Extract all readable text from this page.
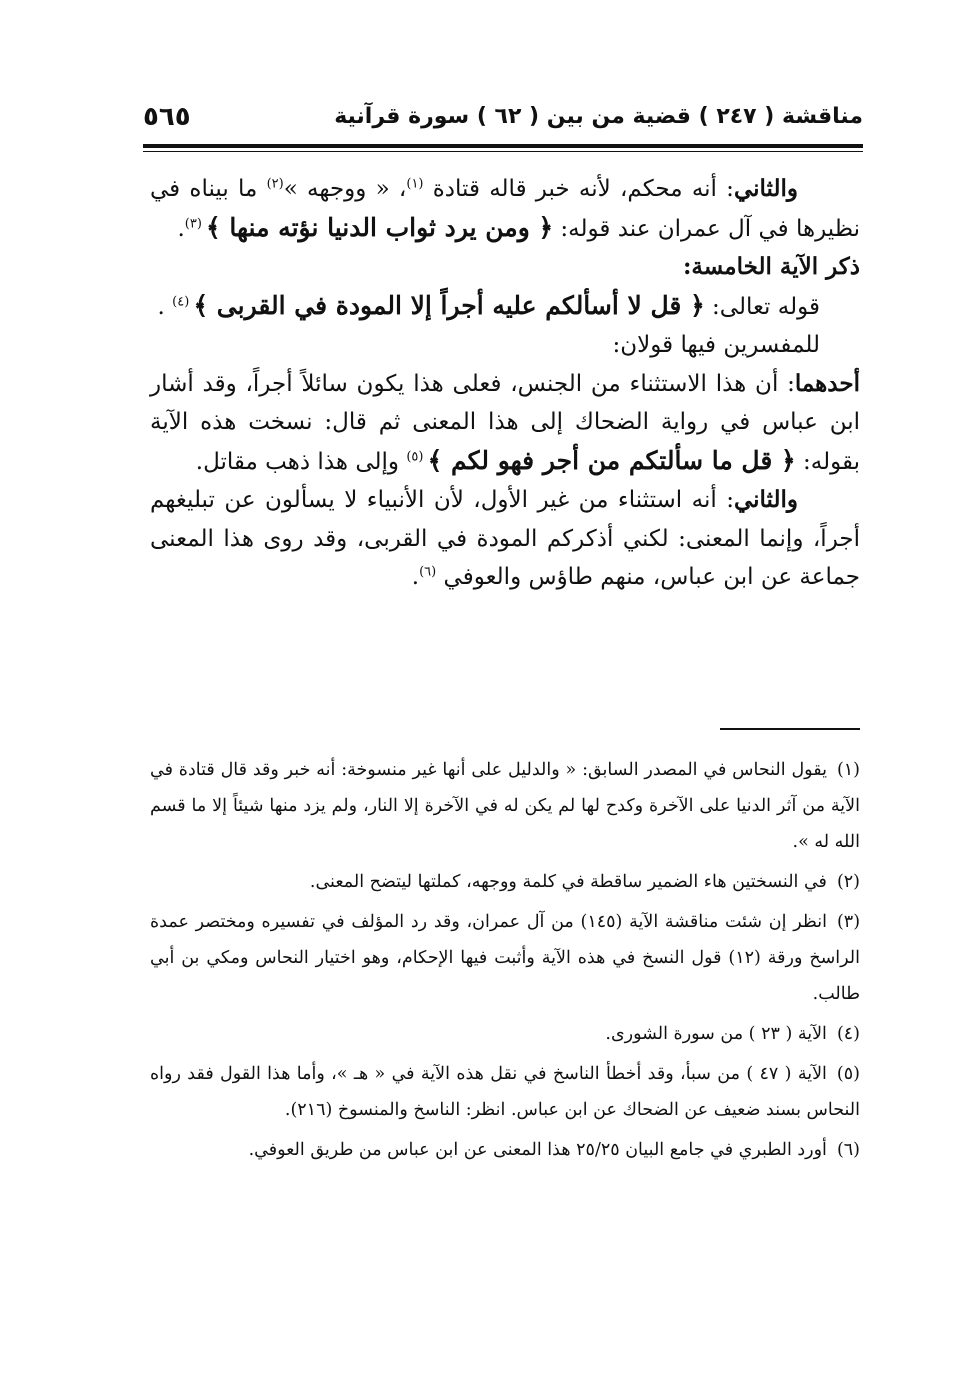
مناقشة ( ٢٤٧ ) قضية من بين ( ٦٢ ) سورة قرآنية
٥٦٥

والثاني: أنه محكم، لأنه خبر قاله قتادة $^{(١)}$، « ووجهه »$^{(٢)}$ ما بيناه في نظيرها في آل عمران عند قوله: ﴿ ومن يرد ثواب الدنيا نؤته منها ﴾ $^{(٣)}$.

ذكر الآية الخامسة:

قوله تعالى: ﴿ قل لا أسألكم عليه أجراً إلا المودة في القربى ﴾ $^{(٤)}$ .

للمفسرين فيها قولان:

أحدهما: أن هذا الاستثناء من الجنس، فعلى هذا يكون سائلاً أجراً، وقد أشار ابن عباس في رواية الضحاك إلى هذا المعنى ثم قال: نسخت هذه الآية بقوله: ﴿ قل ما سألتكم من أجر فهو لكم ﴾ $^{(٥)}$ وإلى هذا ذهب مقاتل.

والثاني: أنه استثناء من غير الأول، لأن الأنبياء لا يسألون عن تبليغهم أجراً، وإنما المعنى: لكني أذكركم المودة في القربى، وقد روى هذا المعنى جماعة عن ابن عباس، منهم طاؤس والعوفي $^{(٦)}$.

(١)يقول النحاس في المصدر السابق: « والدليل على أنها غير منسوخة: أنه خبر وقد قال قتادة في الآية من آثر الدنيا على الآخرة وكدح لها لم يكن له في الآخرة إلا النار، ولم يزد منها شيئاً إلا ما قسم الله له ».

(٢)في النسختين هاء الضمير ساقطة في كلمة ووجهه، كملتها ليتضح المعنى.

(٣)انظر إن شئت مناقشة الآية (١٤٥) من آل عمران، وقد رد المؤلف في تفسيره ومختصر عمدة الراسخ ورقة (١٢) قول النسخ في هذه الآية وأثبت فيها الإحكام، وهو اختيار النحاس ومكي بن أبي طالب.

(٤)الآية ( ٢٣ ) من سورة الشورى.

(٥)الآية ( ٤٧ ) من سبأ، وقد أخطأ الناسخ في نقل هذه الآية في « هـ »، وأما هذا القول فقد رواه النحاس بسند ضعيف عن الضحاك عن ابن عباس. انظر: الناسخ والمنسوخ (٢١٦).

(٦)أورد الطبري في جامع البيان ٢٥/٢٥ هذا المعنى عن ابن عباس من طريق العوفي.
